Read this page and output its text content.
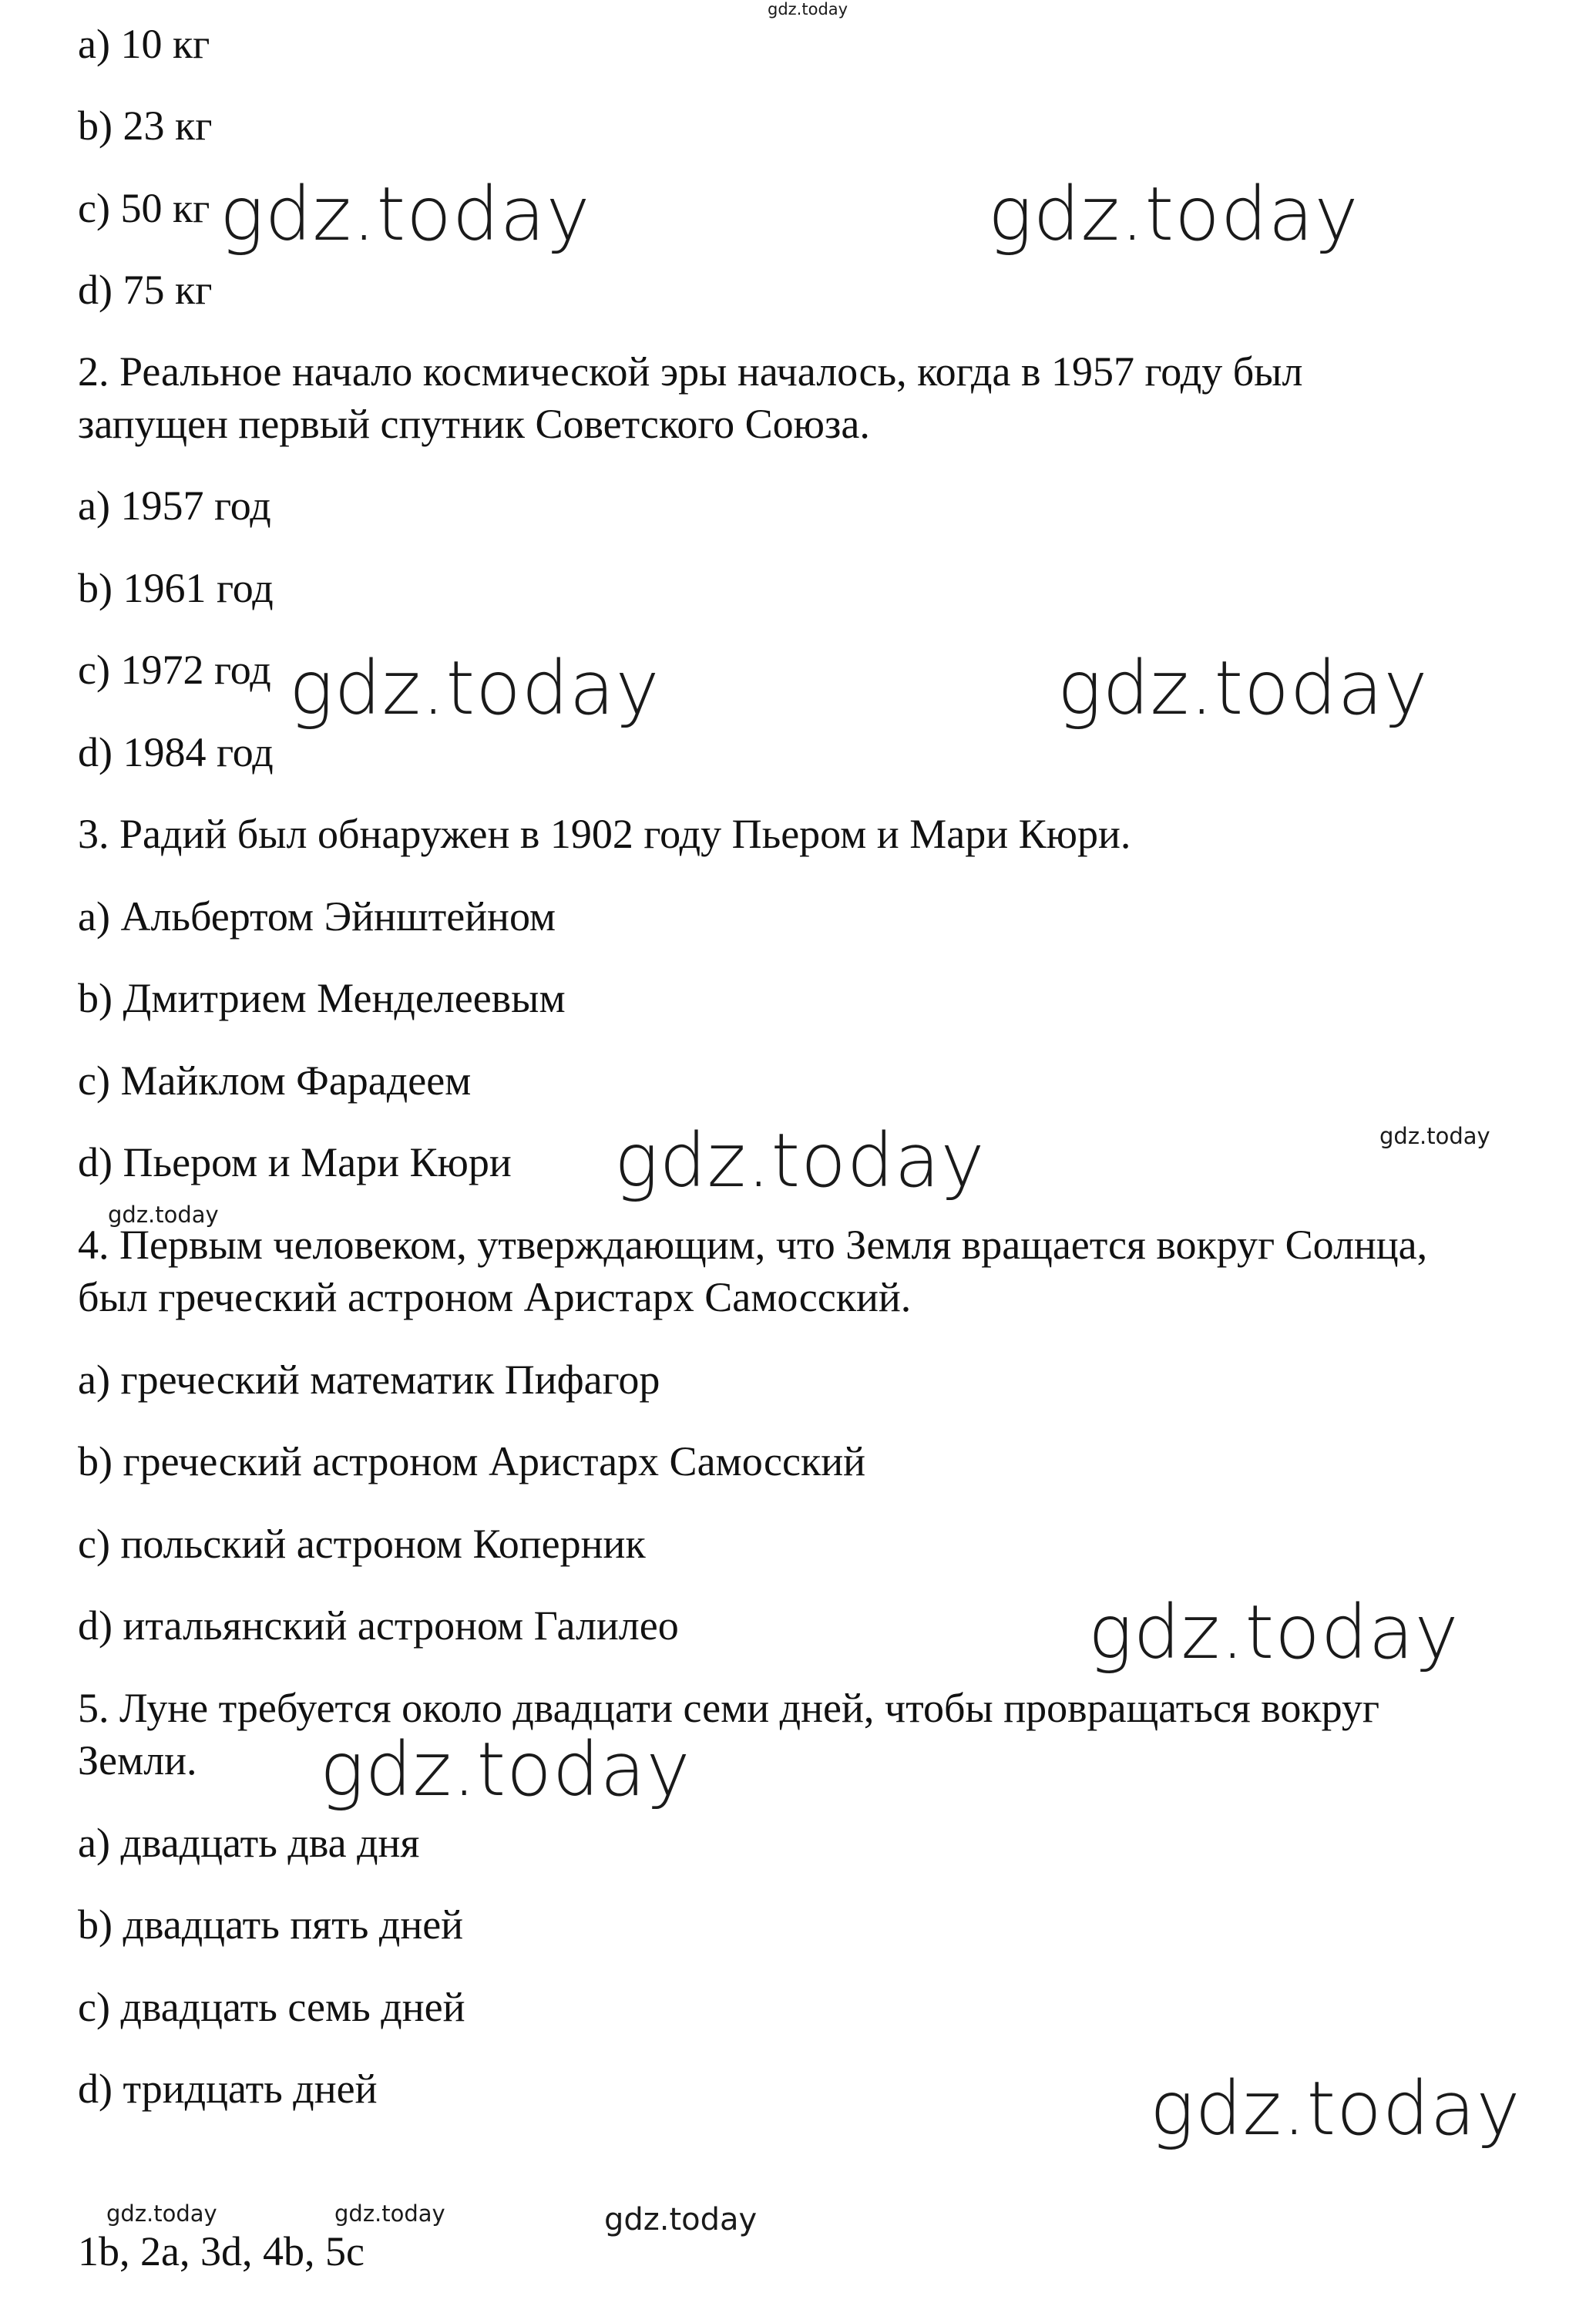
a) 10 кг

b) 23 кг

c) 50 кг

d) 75 кг

2. Реальное начало космической эры началось, когда в 1957 году был

запущен первый спутник Советского Союза.

a) 1957 год

b) 1961 год

c) 1972 год

d) 1984 год

3. Радий был обнаружен в 1902 году Пьером и Мари Кюри.

a) Альбертом Эйнштейном

b) Дмитрием Менделеевым

c) Майклом Фарадеем

d) Пьером и Мари Кюри

4. Первым человеком, утверждающим, что Земля вращается вокруг Солнца,

был греческий астроном Аристарх Самосский.

a) греческий математик Пифагор

b) греческий астроном Аристарх Самосский

c) польский астроном Коперник

d) итальянский астроном Галилео

5. Луне требуется около двадцати семи дней, чтобы провращаться вокруг

Земли.

a) двадцать два дня

b) двадцать пять дней

c) двадцать семь дней

d) тридцать дней

1b, 2a, 3d, 4b, 5c

gdz.today
gdz.today	gdz.today
gdz.today	gdz.today
gdz.today	gdz.today
gdz.today
gdz.today
gdz.today
gdz.today
gdz.today	gdz.today	gdz.today
